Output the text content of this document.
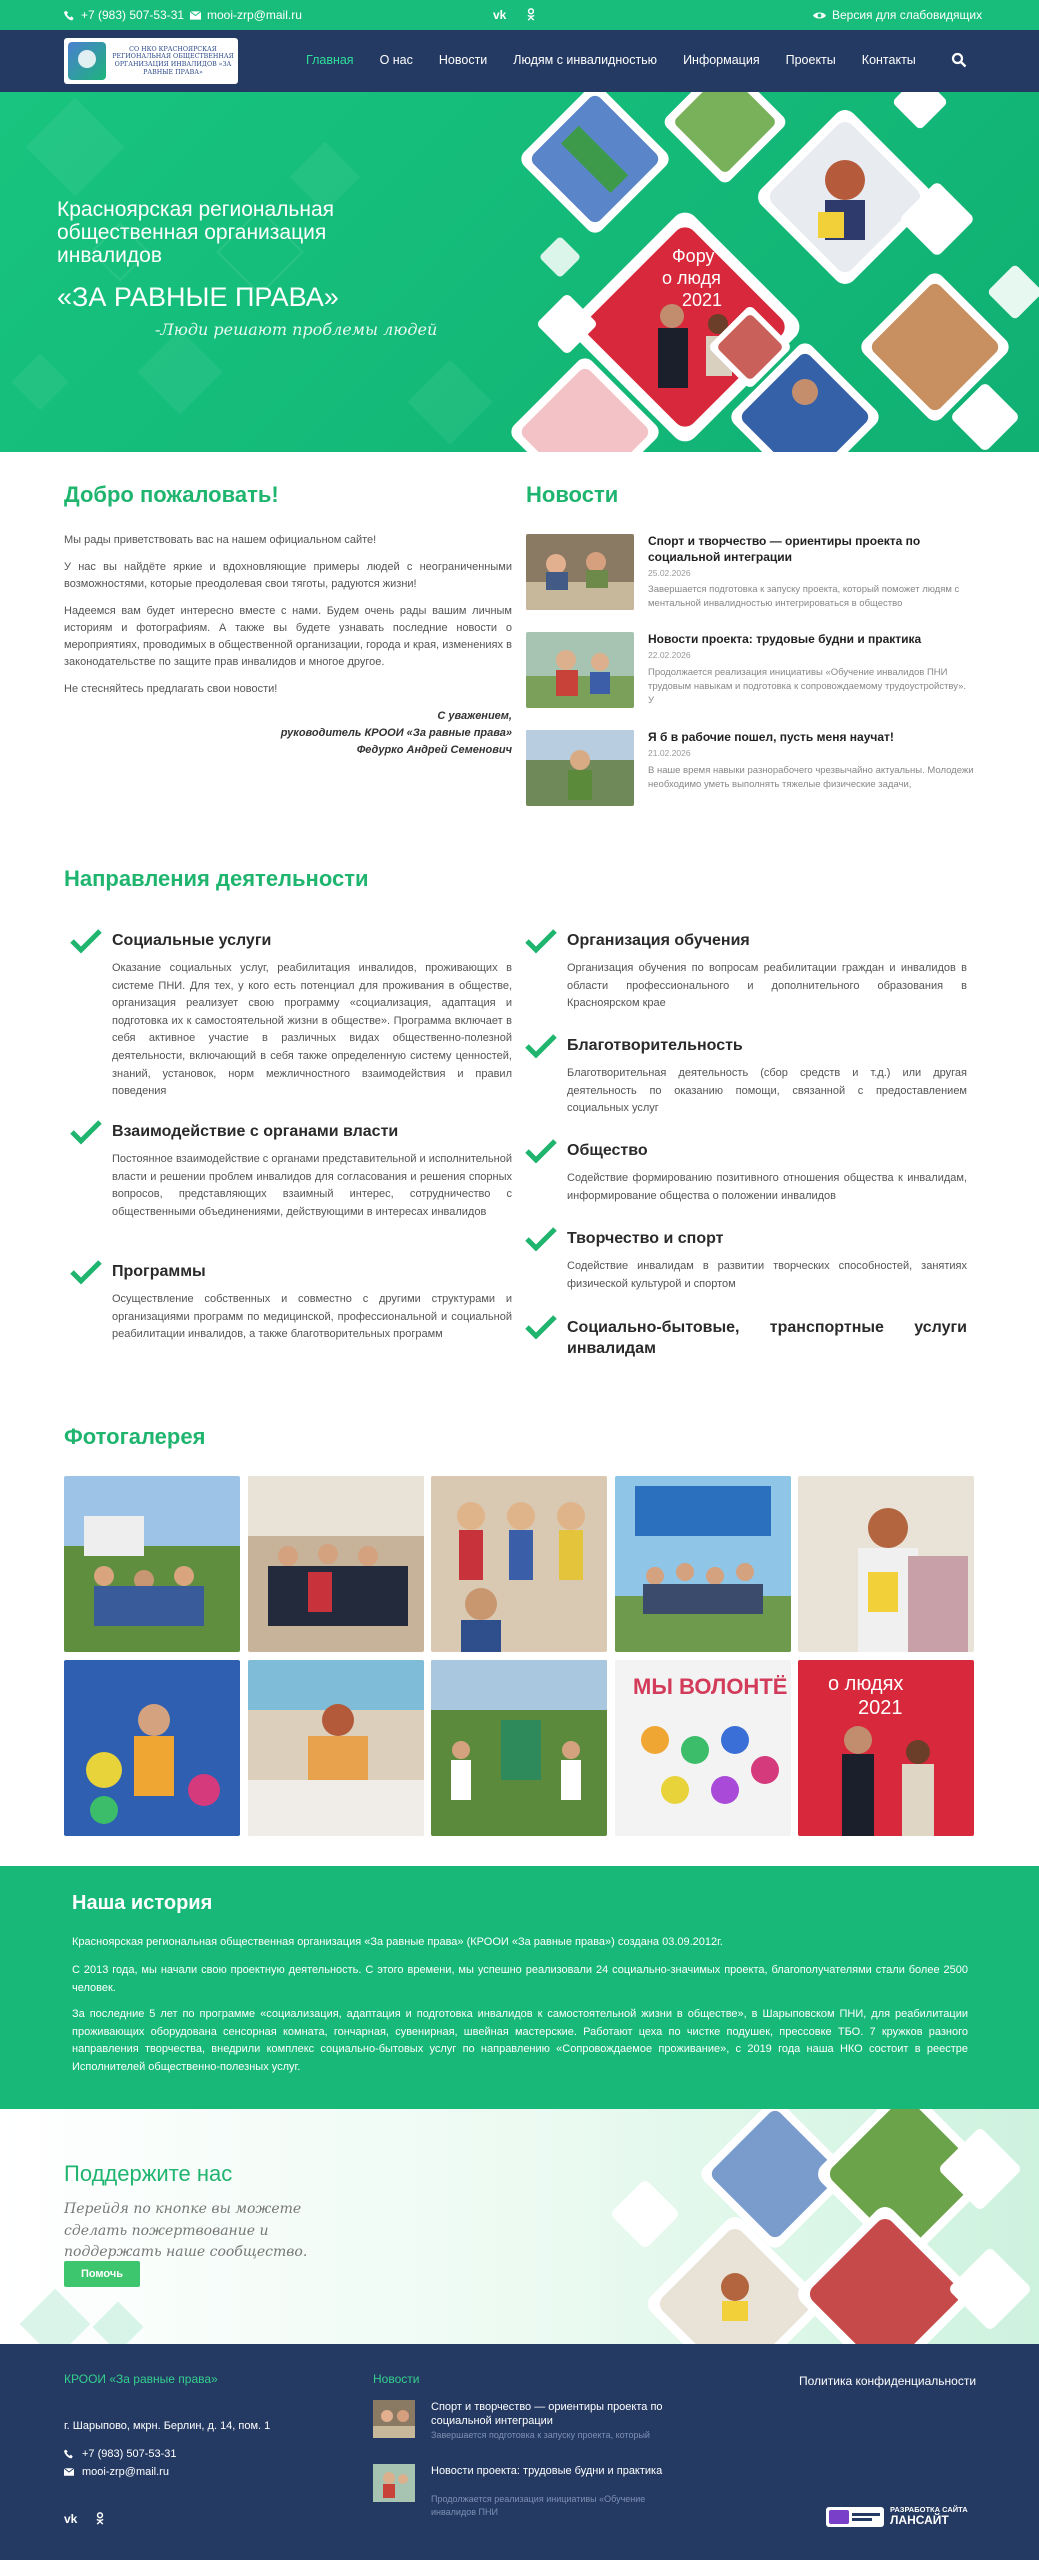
+7 (983) 507-53-31 mooi-zrp@mail.ru	vk	Версия для слабовидящих
СО НКО КРАСНОЯРСКАЯ РЕГИОНАЛЬНАЯ ОБЩЕСТВЕННАЯ ОРГАНИЗАЦИЯ ИНВАЛИДОВ «ЗА РАВНЫЕ ПРАВА»
Главная О нас Новости Людям с инвалидностью Информация Проекты Контакты
Фору
о людя
2021
Красноярская региональная общественная организация инвалидов
«ЗА РАВНЫЕ ПРАВА»
-Люди решают проблемы людей
Добро пожаловать!

Мы рады приветствовать вас на нашем официальном сайте!

У нас вы найдёте яркие и вдохновляющие примеры людей с неограниченными возможностями, которые преодолевая свои тяготы, радуются жизни!

Надеемся вам будет интересно вместе с нами. Будем очень рады вашим личным историям и фотографиям. А также вы будете узнавать последние новости о мероприятиях, проводимых в общественной организации, города и края, изменениях в законодательстве по защите прав инвалидов и многое другое.

Не стесняйтесь предлагать свои новости!

С уважением,
руководитель КРООИ «За равные права»
Федурко Андрей Семенович
Новости
Спорт и творчество — ориентиры проекта по социальной интеграции
25.02.2026
Завершается подготовка к запуску проекта, который поможет людям с ментальной инвалидностью интегрироваться в общество
Новости проекта: трудовые будни и практика
22.02.2026
Продолжается реализация инициативы «Обучение инвалидов ПНИ трудовым навыкам и подготовка к сопровождаемому трудоустройству». У
Я б в рабочие пошел, пусть меня научат!
21.02.2026
В наше время навыки разнорабочего чрезвычайно актуальны. Молодежи необходимо уметь выполнять тяжелые физические задачи,
Направления деятельности
Социальные услуги

Оказание социальных услуг, реабилитация инвалидов, проживающих в системе ПНИ. Для тех, у кого есть потенциал для проживания в обществе, организация реализует свою программу «социализация, адаптация и подготовка их к самостоятельной жизни в обществе». Программа включает в себя активное участие в различных видах общественно-полезной деятельности, включающий в себя также определенную систему ценностей, знаний, установок, норм межличностного взаимодействия и правил поведения

Взаимодействие с органами власти

Постоянное взаимодействие с органами представительной и исполнительной власти и решении проблем инвалидов для согласования и решения спорных вопросов, представляющих взаимный интерес, сотрудничество с общественными объединениями, действующими в интересах инвалидов

Программы

Осуществление собственных и совместно с другими структурами и организациями программ по медицинской, профессиональной и социальной реабилитации инвалидов, а также благотворительных программ

Организация обучения

Организация обучения по вопросам реабилитации граждан и инвалидов в области профессионального и дополнительного образования в Красноярском крае

Благотворительность

Благотворительная деятельность (сбор средств и т.д.) или другая деятельность по оказанию помощи, связанной с предоставлением социальных услуг

Общество

Содействие формированию позитивного отношения общества к инвалидам, информирование общества о положении инвалидов

Творчество и спорт

Содействие инвалидам в развитии творческих способностей, занятиях физической культурой и спортом

Социально-бытовые, транспортные услуги инвалидам
Фотогалерея
МЫ ВОЛОНТЁ о людях
2021
Наша история

Красноярская региональная общественная организация «За равные права» (КРООИ «За равные права») создана 03.09.2012г.

С 2013 года, мы начали свою проектную деятельность. С этого времени, мы успешно реализовали 24 социально-значимых проекта, благополучателями стали более 2500 человек.

За последние 5 лет по программе «социализация, адаптация и подготовка инвалидов к самостоятельной жизни в обществе», в Шарыповском ПНИ, для реабилитации проживающих оборудована сенсорная комната, гончарная, сувенирная, швейная мастерские. Работают цеха по чистке подушек, прессовке ТБО. 7 кружков разного направления творчества, внедрили комплекс социально-бытовых услуг по направлению «Сопровождаемое проживание», с 2019 года наша НКО состоит в реестре Исполнителей общественно-полезных услуг.

Поддержите нас
Перейдя по кнопке вы можете сделать пожертвование и поддержать наше сообщество.
Помочь
КРООИ «За равные права»
г. Шарыпово, мкрн. Берлин, д. 14, пом. 1
+7 (983) 507-53-31
mooi-zrp@mail.ru
vk
Новости
Спорт и творчество — ориентиры проекта по социальной интеграции
Завершается подготовка к запуску проекта, который
Новости проекта: трудовые будни и практика
Продолжается реализация инициативы «Обучение инвалидов ПНИ
Политика конфиденциальности
РАЗРАБОТКА САЙТА
ЛАНСАЙТ
